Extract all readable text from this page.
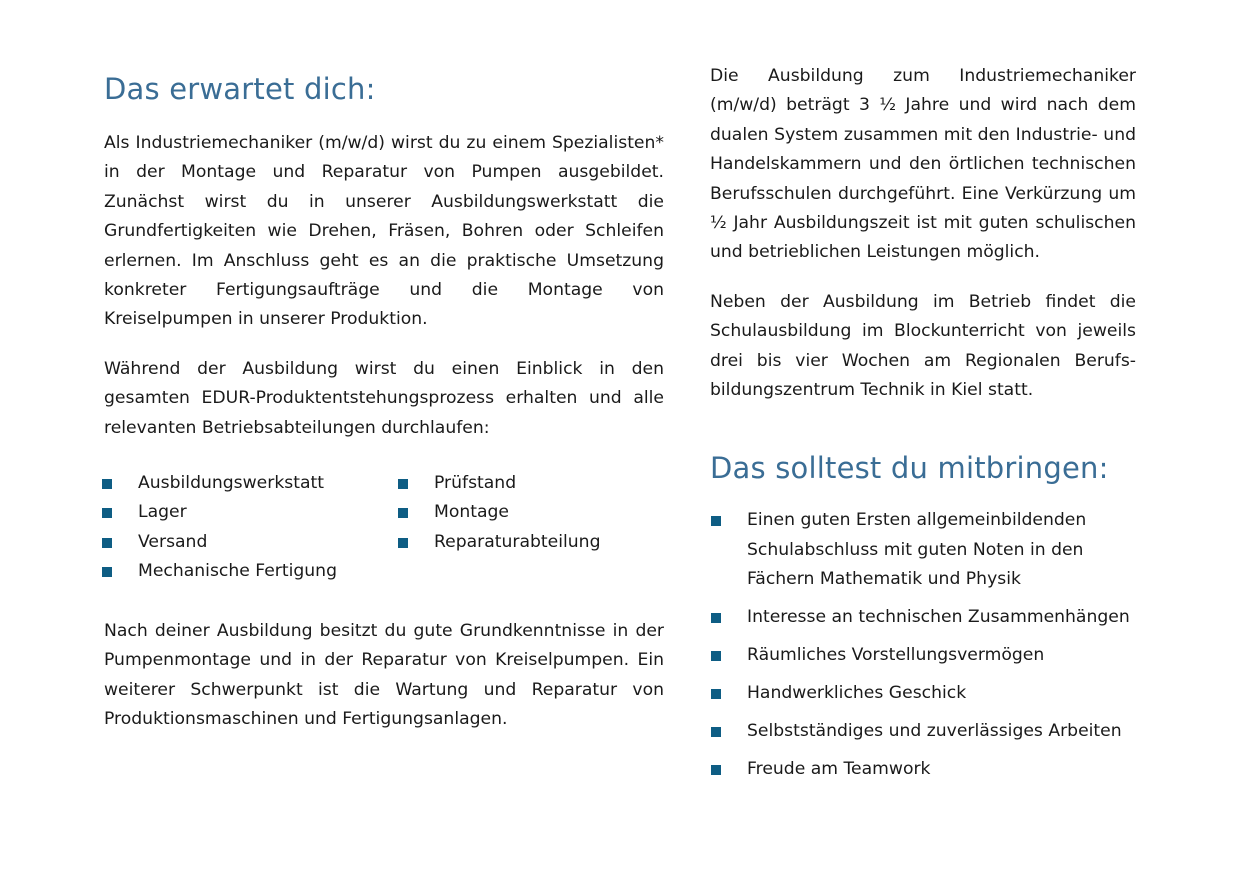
Das erwartet dich:

Als Industriemechaniker (m/w/d) wirst du zu einem Spezialisten* in der Montage und Reparatur von Pumpen ausgebildet. Zunächst wirst du in unserer Ausbildungswerkstatt die Grundfertigkeiten wie Drehen, Fräsen, Bohren oder Schleifen erlernen. Im Anschluss geht es an die praktische Umsetzung konkreter Fertigungsaufträge und die Montage von Kreiselpumpen in unserer Produktion.

Während der Ausbildung wirst du einen Einblick in den gesamten EDUR-Produktentstehungsprozess erhalten und alle relevanten Betriebsabteilungen durchlaufen:

Ausbildungswerkstatt
Lager
Versand
Mechanische Fertigung
Prüfstand
Montage
Reparaturabteilung

Nach deiner Ausbildung besitzt du gute Grundkenntnisse in der Pumpenmontage und in der Reparatur von Kreiselpumpen. Ein weiterer Schwerpunkt ist die Wartung und Reparatur von Produktionsmaschinen und Fertigungsanlagen.

Die Ausbildung zum Industriemechaniker (m/w/d) beträgt 3 ½ Jahre und wird nach dem dualen System zusammen mit den Industrie- und Handelskammern und den örtlichen technischen Berufsschulen durchgeführt. Eine Verkürzung um ½ Jahr Ausbildungszeit ist mit guten schulischen und betrieblichen Leistungen möglich.

Neben der Ausbildung im Betrieb findet die Schulausbildung im Blockunterricht von jeweils drei bis vier Wochen am Regionalen Berufsbildungszentrum Technik in Kiel statt.

Das solltest du mitbringen:
Einen guten Ersten allgemeinbildenden Schulabschluss mit guten Noten in den Fächern Mathematik und Physik
Interesse an technischen Zusammenhängen
Räumliches Vorstellungsvermögen
Handwerkliches Geschick
Selbstständiges und zuverlässiges Arbeiten
Freude am Teamwork
